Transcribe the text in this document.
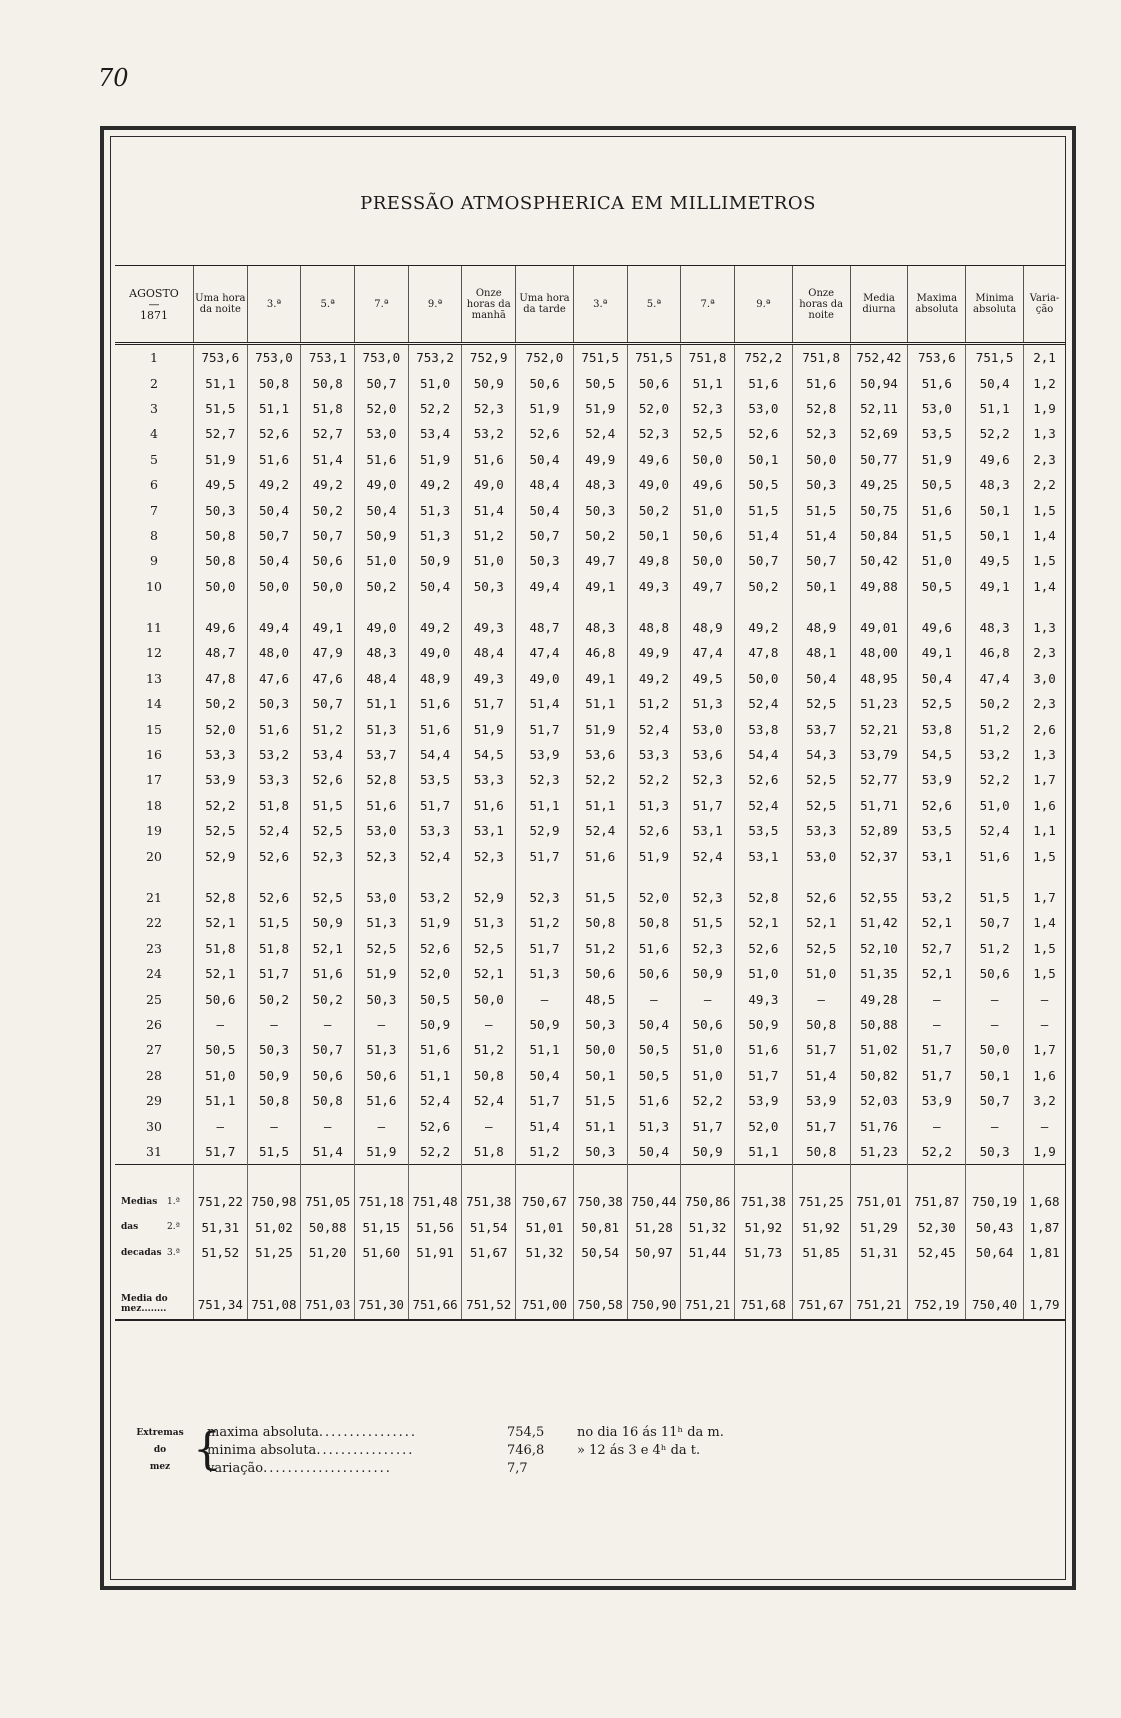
70
PRESSÃO ATMOSPHERICA EM MILLIMETROS
AGOSTO
—
1871	Uma hora da noite	3.ª	5.ª	7.ª	9.ª	Onze horas da manhã	Uma hora da tarde	3.ª	5.ª	7.ª	9.ª	Onze horas da noite	Media diurna	Maxima absoluta	Minima absoluta	Varia-ção
1	753,6	753,0	753,1	753,0	753,2	752,9	752,0	751,5	751,5	751,8	752,2	751,8	752,42	753,6	751,5	2,1
2	51,1	50,8	50,8	50,7	51,0	50,9	50,6	50,5	50,6	51,1	51,6	51,6	50,94	51,6	50,4	1,2
3	51,5	51,1	51,8	52,0	52,2	52,3	51,9	51,9	52,0	52,3	53,0	52,8	52,11	53,0	51,1	1,9
4	52,7	52,6	52,7	53,0	53,4	53,2	52,6	52,4	52,3	52,5	52,6	52,3	52,69	53,5	52,2	1,3
5	51,9	51,6	51,4	51,6	51,9	51,6	50,4	49,9	49,6	50,0	50,1	50,0	50,77	51,9	49,6	2,3
6	49,5	49,2	49,2	49,0	49,2	49,0	48,4	48,3	49,0	49,6	50,5	50,3	49,25	50,5	48,3	2,2
7	50,3	50,4	50,2	50,4	51,3	51,4	50,4	50,3	50,2	51,0	51,5	51,5	50,75	51,6	50,1	1,5
8	50,8	50,7	50,7	50,9	51,3	51,2	50,7	50,2	50,1	50,6	51,4	51,4	50,84	51,5	50,1	1,4
9	50,8	50,4	50,6	51,0	50,9	51,0	50,3	49,7	49,8	50,0	50,7	50,7	50,42	51,0	49,5	1,5
10	50,0	50,0	50,0	50,2	50,4	50,3	49,4	49,1	49,3	49,7	50,2	50,1	49,88	50,5	49,1	1,4

11	49,6	49,4	49,1	49,0	49,2	49,3	48,7	48,3	48,8	48,9	49,2	48,9	49,01	49,6	48,3	1,3
12	48,7	48,0	47,9	48,3	49,0	48,4	47,4	46,8	49,9	47,4	47,8	48,1	48,00	49,1	46,8	2,3
13	47,8	47,6	47,6	48,4	48,9	49,3	49,0	49,1	49,2	49,5	50,0	50,4	48,95	50,4	47,4	3,0
14	50,2	50,3	50,7	51,1	51,6	51,7	51,4	51,1	51,2	51,3	52,4	52,5	51,23	52,5	50,2	2,3
15	52,0	51,6	51,2	51,3	51,6	51,9	51,7	51,9	52,4	53,0	53,8	53,7	52,21	53,8	51,2	2,6
16	53,3	53,2	53,4	53,7	54,4	54,5	53,9	53,6	53,3	53,6	54,4	54,3	53,79	54,5	53,2	1,3
17	53,9	53,3	52,6	52,8	53,5	53,3	52,3	52,2	52,2	52,3	52,6	52,5	52,77	53,9	52,2	1,7
18	52,2	51,8	51,5	51,6	51,7	51,6	51,1	51,1	51,3	51,7	52,4	52,5	51,71	52,6	51,0	1,6
19	52,5	52,4	52,5	53,0	53,3	53,1	52,9	52,4	52,6	53,1	53,5	53,3	52,89	53,5	52,4	1,1
20	52,9	52,6	52,3	52,3	52,4	52,3	51,7	51,6	51,9	52,4	53,1	53,0	52,37	53,1	51,6	1,5

21	52,8	52,6	52,5	53,0	53,2	52,9	52,3	51,5	52,0	52,3	52,8	52,6	52,55	53,2	51,5	1,7
22	52,1	51,5	50,9	51,3	51,9	51,3	51,2	50,8	50,8	51,5	52,1	52,1	51,42	52,1	50,7	1,4
23	51,8	51,8	52,1	52,5	52,6	52,5	51,7	51,2	51,6	52,3	52,6	52,5	52,10	52,7	51,2	1,5
24	52,1	51,7	51,6	51,9	52,0	52,1	51,3	50,6	50,6	50,9	51,0	51,0	51,35	52,1	50,6	1,5
25	50,6	50,2	50,2	50,3	50,5	50,0	—	48,5	—	—	49,3	—	49,28	—	—	—
26	—	—	—	—	50,9	—	50,9	50,3	50,4	50,6	50,9	50,8	50,88	—	—	—
27	50,5	50,3	50,7	51,3	51,6	51,2	51,1	50,0	50,5	51,0	51,6	51,7	51,02	51,7	50,0	1,7
28	51,0	50,9	50,6	50,6	51,1	50,8	50,4	50,1	50,5	51,0	51,7	51,4	50,82	51,7	50,1	1,6
29	51,1	50,8	50,8	51,6	52,4	52,4	51,7	51,5	51,6	52,2	53,9	53,9	52,03	53,9	50,7	3,2
30	—	—	—	—	52,6	—	51,4	51,1	51,3	51,7	52,0	51,7	51,76	—	—	—
31	51,7	51,5	51,4	51,9	52,2	51,8	51,2	50,3	50,4	50,9	51,1	50,8	51,23	52,2	50,3	1,9

Medias 1.ª	751,22	750,98	751,05	751,18	751,48	751,38	750,67	750,38	750,44	750,86	751,38	751,25	751,01	751,87	750,19	1,68
das 2.ª	51,31	51,02	50,88	51,15	51,56	51,54	51,01	50,81	51,28	51,32	51,92	51,92	51,29	52,30	50,43	1,87
decadas 3.ª	51,52	51,25	51,20	51,60	51,91	51,67	51,32	50,54	50,97	51,44	51,73	51,85	51,31	52,45	50,64	1,81

Media do
mez........	751,34	751,08	751,03	751,30	751,66	751,52	751,00	750,58	750,90	751,21	751,68	751,67	751,21	752,19	750,40	1,79
Extremas
do
mez {
maxima absoluta................	754,5	no dia 16 ás 11ʰ da m.
minima absoluta................	746,8	» 12 ás 3 e 4ʰ da t.
variação.....................	7,7
